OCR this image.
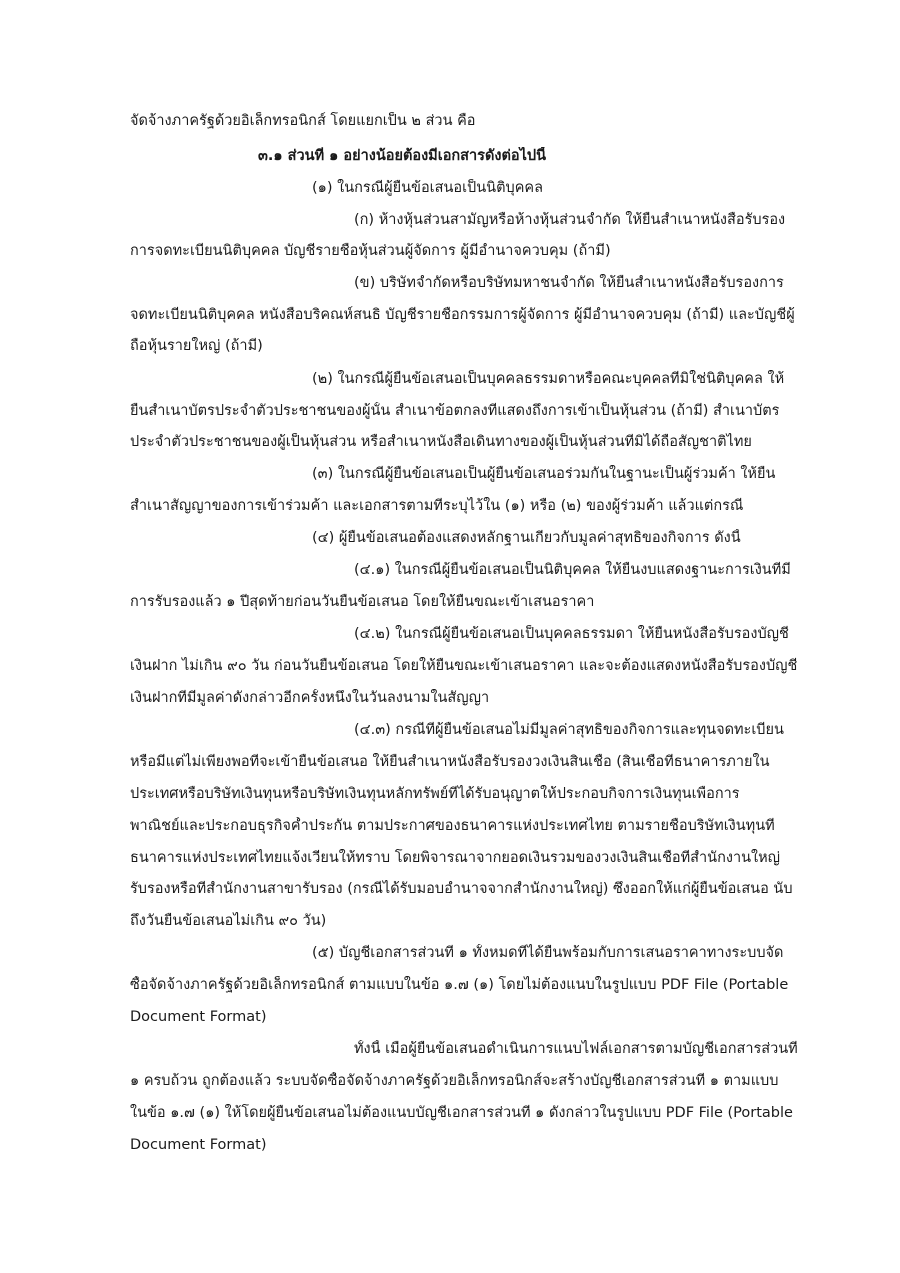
จัดจ้างภาครัฐด้วยอิเล็กทรอนิกส์ โดยแยกเป็น ๒ ส่วน คือ
๓.๑ ส่วนที่ ๑ อย่างน้อยต้องมีเอกสารดังต่อไปนี้
(๑) ในกรณีผู้ยื่นข้อเสนอเป็นนิติบุคคล
(ก) ห้างหุ้นส่วนสามัญหรือห้างหุ้นส่วนจำกัด ให้ยื่นสำเนาหนังสือรับรอง
การจดทะเบียนนิติบุคคล บัญชีรายชื่อหุ้นส่วนผู้จัดการ ผู้มีอำนาจควบคุม (ถ้ามี)
(ข) บริษัทจำกัดหรือบริษัทมหาชนจำกัด ให้ยื่นสำเนาหนังสือรับรองการ
จดทะเบียนนิติบุคคล หนังสือบริคณห์สนธิ บัญชีรายชื่อกรรมการผู้จัดการ ผู้มีอำนาจควบคุม (ถ้ามี) และบัญชีผู้
ถือหุ้นรายใหญ่ (ถ้ามี)
(๒) ในกรณีผู้ยื่นข้อเสนอเป็นบุคคลธรรมดาหรือคณะบุคคลที่มิใช่นิติบุคคล ให้
ยื่นสำเนาบัตรประจำตัวประชาชนของผู้นั้น สำเนาข้อตกลงที่แสดงถึงการเข้าเป็นหุ้นส่วน (ถ้ามี) สำเนาบัตร
ประจำตัวประชาชนของผู้เป็นหุ้นส่วน หรือสำเนาหนังสือเดินทางของผู้เป็นหุ้นส่วนที่มิได้ถือสัญชาติไทย
(๓) ในกรณีผู้ยื่นข้อเสนอเป็นผู้ยื่นข้อเสนอร่วมกันในฐานะเป็นผู้ร่วมค้า ให้ยื่น
สำเนาสัญญาของการเข้าร่วมค้า และเอกสารตามที่ระบุไว้ใน (๑) หรือ (๒) ของผู้ร่วมค้า แล้วแต่กรณี
(๔) ผู้ยื่นข้อเสนอต้องแสดงหลักฐานเกี่ยวกับมูลค่าสุทธิของกิจการ ดังนี้
(๔.๑) ในกรณีผู้ยื่นข้อเสนอเป็นนิติบุคคล ให้ยื่นงบแสดงฐานะการเงินที่มี
การรับรองแล้ว ๑ ปีสุดท้ายก่อนวันยื่นข้อเสนอ โดยให้ยื่นขณะเข้าเสนอราคา
(๔.๒) ในกรณีผู้ยื่นข้อเสนอเป็นบุคคลธรรมดา ให้ยื่นหนังสือรับรองบัญชี
เงินฝาก ไม่เกิน ๙๐ วัน ก่อนวันยื่นข้อเสนอ โดยให้ยื่นขณะเข้าเสนอราคา และจะต้องแสดงหนังสือรับรองบัญชี
เงินฝากที่มีมูลค่าดังกล่าวอีกครั้งหนึ่งในวันลงนามในสัญญา
(๔.๓) กรณีที่ผู้ยื่นข้อเสนอไม่มีมูลค่าสุทธิของกิจการและทุนจดทะเบียน
หรือมีแต่ไม่เพียงพอที่จะเข้ายื่นข้อเสนอ ให้ยื่นสำเนาหนังสือรับรองวงเงินสินเชื่อ (สินเชื่อที่ธนาคารภายใน
ประเทศหรือบริษัทเงินทุนหรือบริษัทเงินทุนหลักทรัพย์ที่ได้รับอนุญาตให้ประกอบกิจการเงินทุนเพื่อการ
พาณิชย์และประกอบธุรกิจค้ำประกัน ตามประกาศของธนาคารแห่งประเทศไทย ตามรายชื่อบริษัทเงินทุนที่
ธนาคารแห่งประเทศไทยแจ้งเวียนให้ทราบ โดยพิจารณาจากยอดเงินรวมของวงเงินสินเชื่อที่สำนักงานใหญ่
รับรองหรือที่สำนักงานสาขารับรอง (กรณีได้รับมอบอำนาจจากสำนักงานใหญ่) ซึ่งออกให้แก่ผู้ยื่นข้อเสนอ นับ
ถึงวันยื่นข้อเสนอไม่เกิน ๙๐ วัน)
(๕) บัญชีเอกสารส่วนที่ ๑ ทั้งหมดที่ได้ยื่นพร้อมกับการเสนอราคาทางระบบจัด
ซื้อจัดจ้างภาครัฐด้วยอิเล็กทรอนิกส์ ตามแบบในข้อ ๑.๗ (๑) โดยไม่ต้องแนบในรูปแบบ PDF File (Portable
Document Format)
ทั้งนี้ เมื่อผู้ยื่นข้อเสนอดำเนินการแนบไฟล์เอกสารตามบัญชีเอกสารส่วนที่
๑ ครบถ้วน ถูกต้องแล้ว ระบบจัดซื้อจัดจ้างภาครัฐด้วยอิเล็กทรอนิกส์จะสร้างบัญชีเอกสารส่วนที่ ๑ ตามแบบ
ในข้อ ๑.๗ (๑) ให้โดยผู้ยื่นข้อเสนอไม่ต้องแนบบัญชีเอกสารส่วนที่ ๑ ดังกล่าวในรูปแบบ PDF File (Portable
Document Format)
